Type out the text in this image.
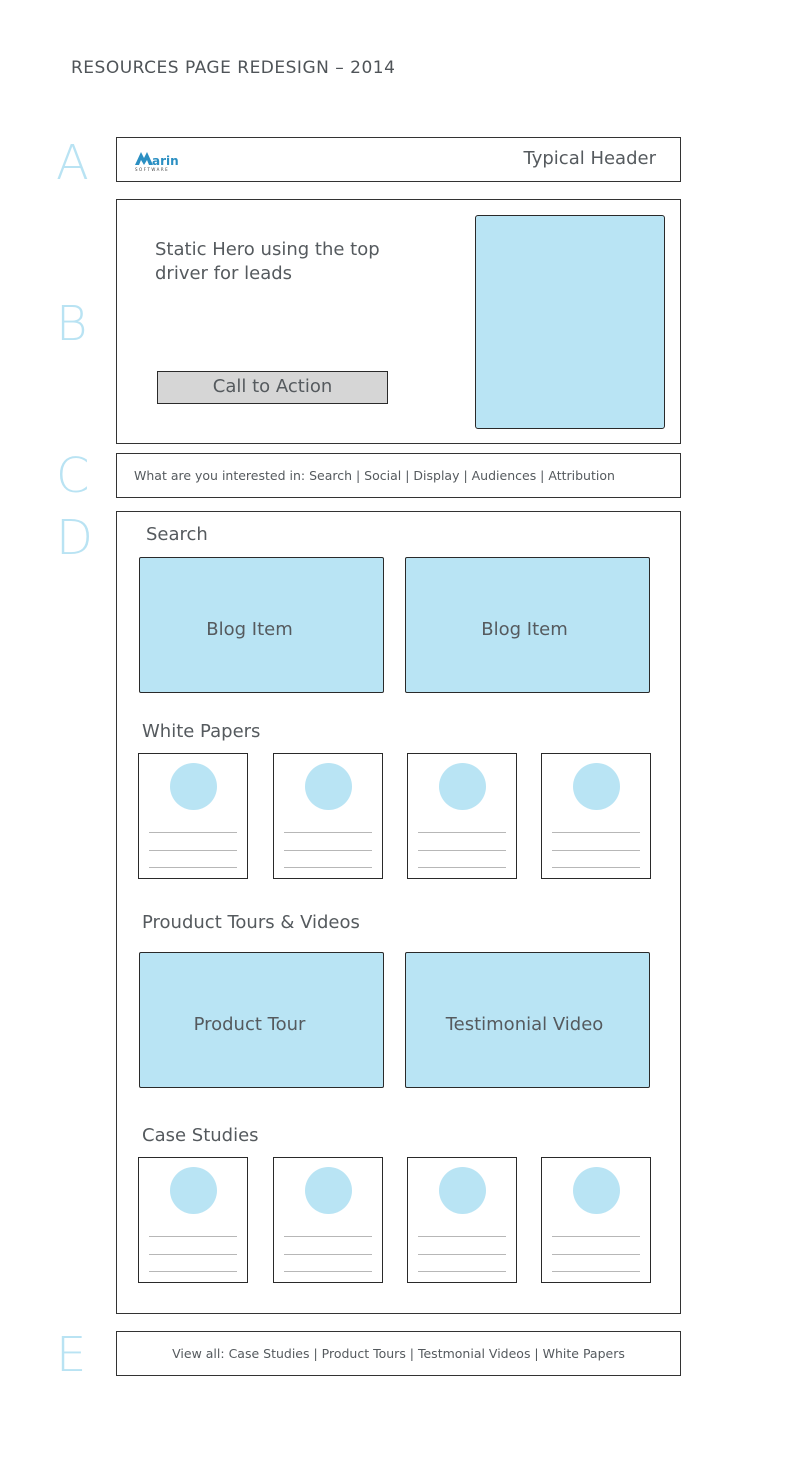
RESOURCES PAGE REDESIGN – 2014
A
B
C
D
E
arin
SOFTWARE
Typical Header
Static Hero using the top driver for leads
Call to Action
What are you interested in: Search | Social | Display | Audiences | Attribution
Search
Blog Item	Blog Item
White Papers
Prouduct Tours & Videos
Product Tour	Testimonial Video
Case Studies
View all: Case Studies | Product Tours | Testmonial Videos | White Papers
